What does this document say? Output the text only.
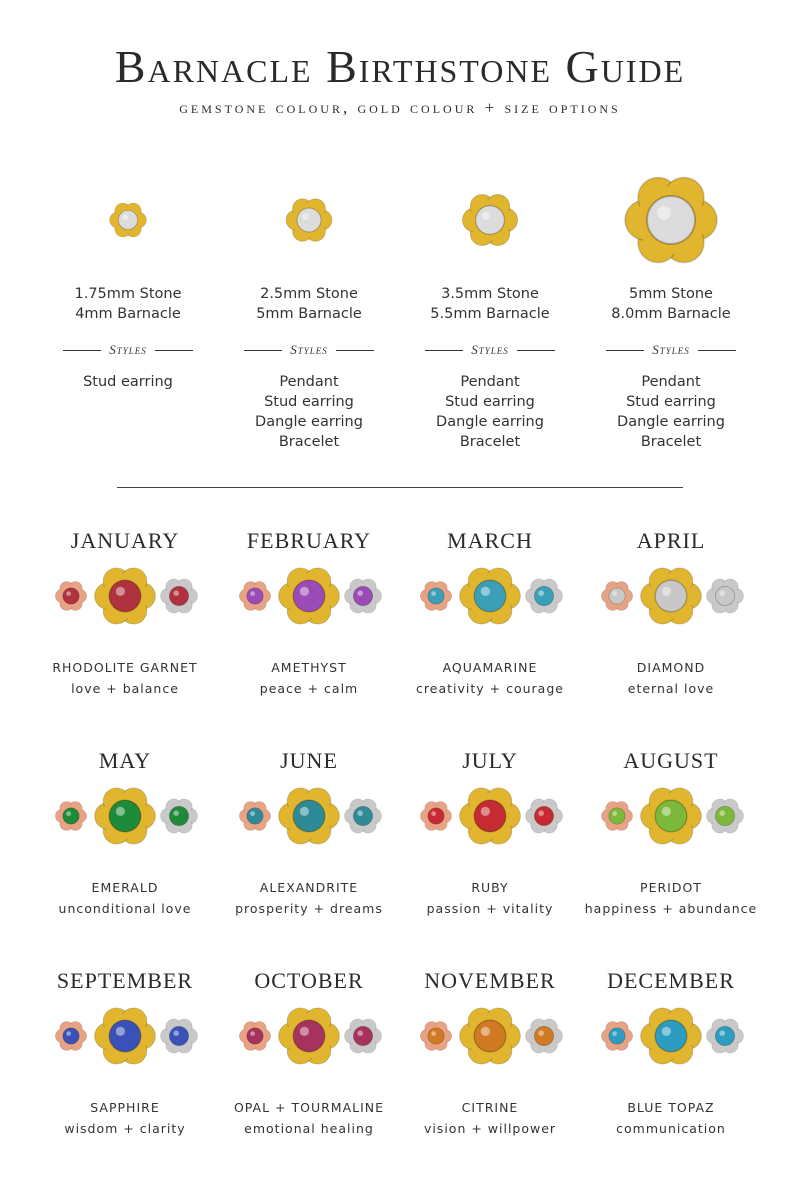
Barnacle Birthstone Guide
gemstone colour, gold colour + size options
1.75mm Stone
4mm Barnacle
Styles
Stud earring
2.5mm Stone
5mm Barnacle
Styles
Pendant
Stud earring
Dangle earring
Bracelet
3.5mm Stone
5.5mm Barnacle
Styles
Pendant
Stud earring
Dangle earring
Bracelet
5mm Stone
8.0mm Barnacle
Styles
Pendant
Stud earring
Dangle earring
Bracelet
JANUARY
RHODOLITE GARNET
love + balance
FEBRUARY
AMETHYST
peace + calm
MARCH
AQUAMARINE
creativity + courage
APRIL
DIAMOND
eternal love
MAY
EMERALD
unconditional love
JUNE
ALEXANDRITE
prosperity + dreams
JULY
RUBY
passion + vitality
AUGUST
PERIDOT
happiness + abundance
SEPTEMBER
SAPPHIRE
wisdom + clarity
OCTOBER
OPAL + TOURMALINE
emotional healing
NOVEMBER
CITRINE
vision + willpower
DECEMBER
BLUE TOPAZ
communication
